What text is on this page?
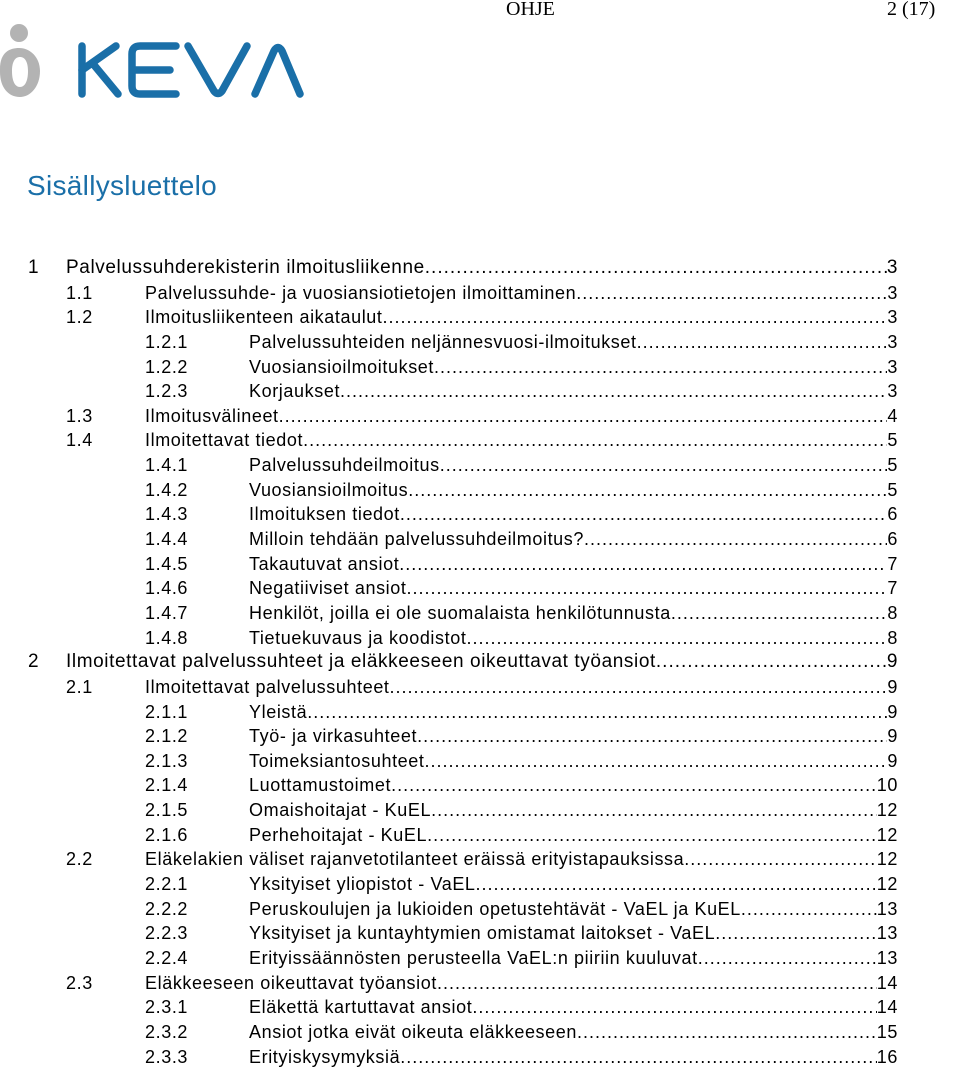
OHJE	2 (17)
Sisällysluettelo
1 Palvelussuhderekisterin ilmoitusliikenne .....	3
1.1	Palvelussuhde- ja vuosiansiotietojen ilmoittaminen .....	3
1.2	Ilmoitusliikenteen aikataulut .....	3
1.2.1	Palvelussuhteiden neljännesvuosi-ilmoitukset .....	3
1.2.2	Vuosiansioilmoitukset .....	3
1.2.3	Korjaukset .....	3
1.3	Ilmoitusvälineet .....	4
1.4	Ilmoitettavat tiedot .....	5
1.4.1	Palvelussuhdeilmoitus .....	5
1.4.2	Vuosiansioilmoitus .....	5
1.4.3	Ilmoituksen tiedot .....	6
1.4.4	Milloin tehdään palvelussuhdeilmoitus? .....	6
1.4.5	Takautuvat ansiot .....	7
1.4.6	Negatiiviset ansiot .....	7
1.4.7	Henkilöt, joilla ei ole suomalaista henkilötunnusta .....	8
1.4.8	Tietuekuvaus ja koodistot .....	8
2 Ilmoitettavat palvelussuhteet ja eläkkeeseen oikeuttavat työansiot .....	9
2.1	Ilmoitettavat palvelussuhteet .....	9
2.1.1	Yleistä .....	9
2.1.2	Työ- ja virkasuhteet .....	9
2.1.3	Toimeksiantosuhteet .....	9
2.1.4	Luottamustoimet .....	10
2.1.5	Omaishoitajat - KuEL .....	12
2.1.6	Perhehoitajat - KuEL .....	12
2.2	Eläkelakien väliset rajanvetotilanteet eräissä erityistapauksissa .....	12
2.2.1	Yksityiset yliopistot - VaEL .....	12
2.2.2	Peruskoulujen ja lukioiden opetustehtävät - VaEL ja KuEL .....	13
2.2.3	Yksityiset ja kuntayhtymien omistamat laitokset - VaEL .....	13
2.2.4	Erityissäännösten perusteella VaEL:n piiriin kuuluvat .....	13
2.3	Eläkkeeseen oikeuttavat työansiot .....	14
2.3.1	Eläkettä kartuttavat ansiot .....	14
2.3.2	Ansiot jotka eivät oikeuta eläkkeeseen .....	15
2.3.3	Erityiskysymyksiä .....	16
